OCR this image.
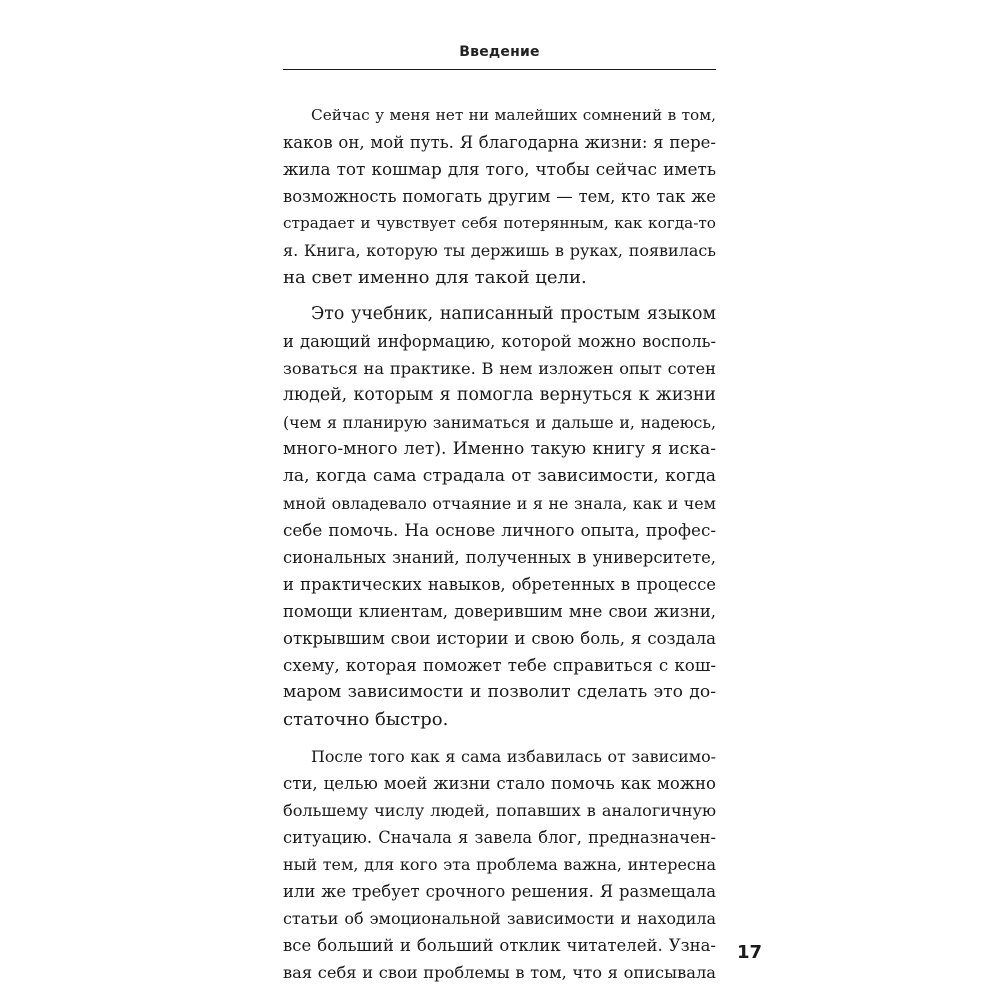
Введение
Сейчас у меня нет ни малейших сомнений в том,
каков он, мой путь. Я благодарна жизни: я пере-
жила тот кошмар для того, чтобы сейчас иметь
возможность помогать другим — тем, кто так же
страдает и чувствует себя потерянным, как когда-то
я. Книга, которую ты держишь в руках, появилась
на свет именно для такой цели.
Это учебник, написанный простым языком
и дающий информацию, которой можно восполь-
зоваться на практике. В нем изложен опыт сотен
людей, которым я помогла вернуться к жизни
(чем я планирую заниматься и дальше и, надеюсь,
много-много лет). Именно такую книгу я иска-
ла, когда сама страдала от зависимости, когда
мной овладевало отчаяние и я не знала, как и чем
себе помочь. На основе личного опыта, профес-
сиональных знаний, полученных в университете,
и практических навыков, обретенных в процессе
помощи клиентам, доверившим мне свои жизни,
открывшим свои истории и свою боль, я создала
схему, которая поможет тебе справиться с кош-
маром зависимости и позволит сделать это до-
статочно быстро.
После того как я сама избавилась от зависимо-
сти, целью моей жизни стало помочь как можно
большему числу людей, попавших в аналогичную
ситуацию. Сначала я завела блог, предназначен-
ный тем, для кого эта проблема важна, интересна
или же требует срочного решения. Я размещала
статьи об эмоциональной зависимости и находила
все больший и больший отклик читателей. Узна-
вая себя и свои проблемы в том, что я описывала
17
